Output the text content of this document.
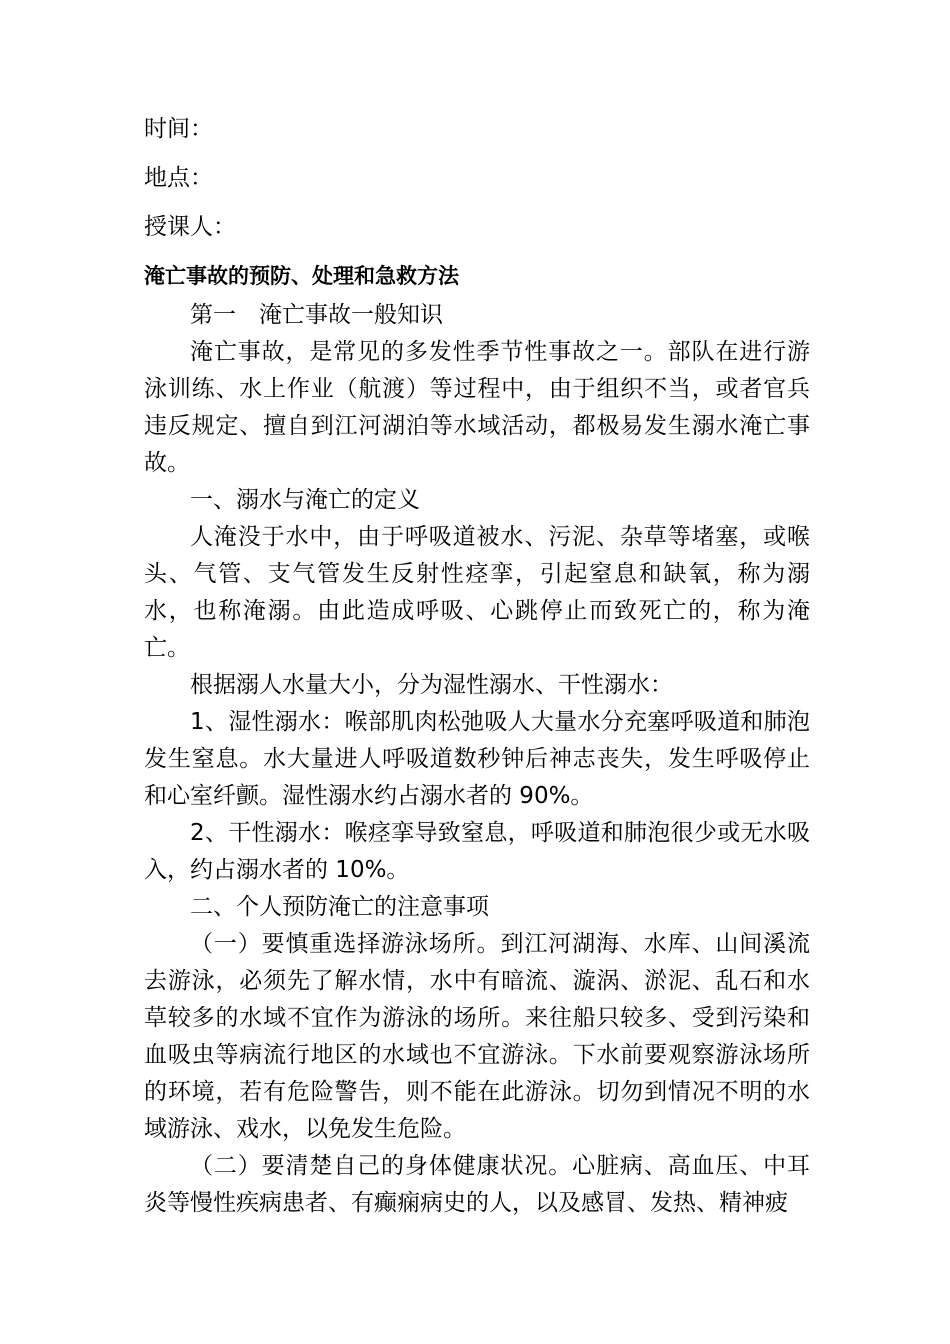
时间：
地点：
授课人：
淹亡事故的预防、处理和急救方法

第一　淹亡事故一般知识

淹亡事故，是常见的多发性季节性事故之一。部队在进行游泳训练、水上作业（航渡）等过程中，由于组织不当，或者官兵违反规定、擅自到江河湖泊等水域活动，都极易发生溺水淹亡事故。

一、溺水与淹亡的定义

人淹没于水中，由于呼吸道被水、污泥、杂草等堵塞，或喉头、气管、支气管发生反射性痉挛，引起窒息和缺氧，称为溺水，也称淹溺。由此造成呼吸、心跳停止而致死亡的，称为淹亡。

根据溺人水量大小，分为湿性溺水、干性溺水：

1、湿性溺水：喉部肌肉松弛吸人大量水分充塞呼吸道和肺泡发生窒息。水大量进人呼吸道数秒钟后神志丧失，发生呼吸停止和心室纤颤。湿性溺水约占溺水者的 90%。

2、干性溺水：喉痉挛导致窒息，呼吸道和肺泡很少或无水吸入，约占溺水者的 10%。

二、个人预防淹亡的注意事项

（一）要慎重选择游泳场所。到江河湖海、水库、山间溪流去游泳，必须先了解水情，水中有暗流、漩涡、淤泥、乱石和水草较多的水域不宜作为游泳的场所。来往船只较多、受到污染和血吸虫等病流行地区的水域也不宜游泳。下水前要观察游泳场所的环境，若有危险警告，则不能在此游泳。切勿到情况不明的水域游泳、戏水，以免发生危险。

（二）要清楚自己的身体健康状况。心脏病、高血压、中耳炎等慢性疾病患者、有癫痫病史的人，以及感冒、发热、精神疲
